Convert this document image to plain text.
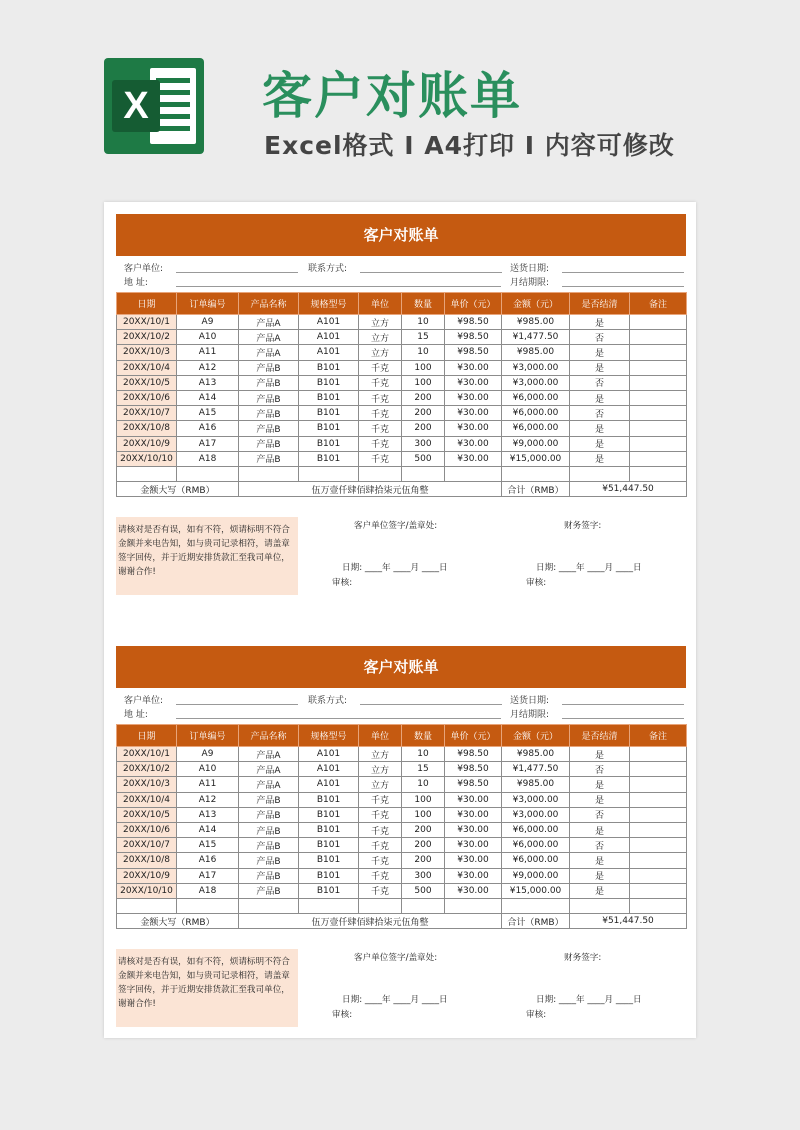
X 客户对账单
Excel格式 I A4打印 I 内容可修改
客户对账单
客户单位:
地 址:
联系方式:	送货日期:
月结期限:
日期	订单编号	产品名称	规格型号	单位	数量	单价（元）	金额（元）	是否结清	备注
20XX/10/1	A9	产品A	A101	立方	10	¥98.50	¥985.00	是	
20XX/10/2	A10	产品A	A101	立方	15	¥98.50	¥1,477.50	否	
20XX/10/3	A11	产品A	A101	立方	10	¥98.50	¥985.00	是	
20XX/10/4	A12	产品B	B101	千克	100	¥30.00	¥3,000.00	是	
20XX/10/5	A13	产品B	B101	千克	100	¥30.00	¥3,000.00	否	
20XX/10/6	A14	产品B	B101	千克	200	¥30.00	¥6,000.00	是	
20XX/10/7	A15	产品B	B101	千克	200	¥30.00	¥6,000.00	否	
20XX/10/8	A16	产品B	B101	千克	200	¥30.00	¥6,000.00	是	
20XX/10/9	A17	产品B	B101	千克	300	¥30.00	¥9,000.00	是	
20XX/10/10	A18	产品B	B101	千克	500	¥30.00	¥15,000.00	是	

金额大写（RMB）		伍万壹仟肆佰肆拾柒元伍角整					合计（RMB）	¥51,447.50	
请核对是否有误，如有不符，烦请标明不符合金额并来电告知，如与贵司记录相符，请盖章签字回传，并于近期安排货款汇至我司单位，谢谢合作!
客户单位签字/盖章处:	财务签字:
日期: ____年 ____月 ____日	日期: ____年 ____月 ____日
审核:	审核:
客户对账单
客户单位:
地 址:
联系方式:	送货日期:
月结期限:
日期	订单编号	产品名称	规格型号	单位	数量	单价（元）	金额（元）	是否结清	备注
20XX/10/1	A9	产品A	A101	立方	10	¥98.50	¥985.00	是	
20XX/10/2	A10	产品A	A101	立方	15	¥98.50	¥1,477.50	否	
20XX/10/3	A11	产品A	A101	立方	10	¥98.50	¥985.00	是	
20XX/10/4	A12	产品B	B101	千克	100	¥30.00	¥3,000.00	是	
20XX/10/5	A13	产品B	B101	千克	100	¥30.00	¥3,000.00	否	
20XX/10/6	A14	产品B	B101	千克	200	¥30.00	¥6,000.00	是	
20XX/10/7	A15	产品B	B101	千克	200	¥30.00	¥6,000.00	否	
20XX/10/8	A16	产品B	B101	千克	200	¥30.00	¥6,000.00	是	
20XX/10/9	A17	产品B	B101	千克	300	¥30.00	¥9,000.00	是	
20XX/10/10	A18	产品B	B101	千克	500	¥30.00	¥15,000.00	是	

金额大写（RMB）		伍万壹仟肆佰肆拾柒元伍角整					合计（RMB）	¥51,447.50	
请核对是否有误，如有不符，烦请标明不符合金额并来电告知，如与贵司记录相符，请盖章签字回传，并于近期安排货款汇至我司单位，谢谢合作!
客户单位签字/盖章处:	财务签字:
日期: ____年 ____月 ____日	日期: ____年 ____月 ____日
审核:	审核:
